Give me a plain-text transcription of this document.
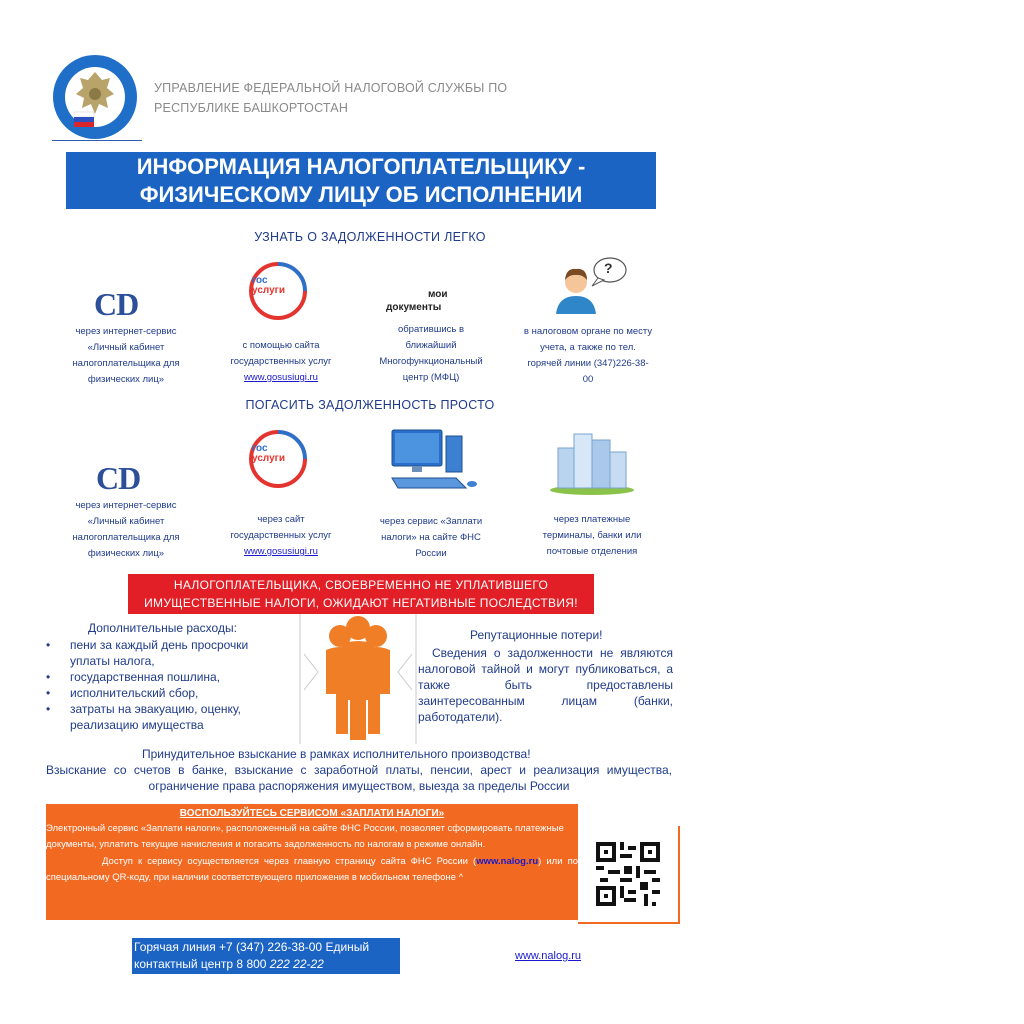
УПРАВЛЕНИЕ ФЕДЕРАЛЬНОЙ НАЛОГОВОЙ СЛУЖБЫ ПО
РЕСПУБЛИКЕ БАШКОРТОСТАН
ИНФОРМАЦИЯ НАЛОГОПЛАТЕЛЬЩИКУ -
ФИЗИЧЕСКОМУ ЛИЦУ ОБ ИСПОЛНЕНИИ
УЗНАТЬ О ЗАДОЛЖЕННОСТИ ЛЕГКО
CD
через интернет-сервис
«Личный кабинет
налогоплательщика для
физических лиц»
гос
услуги
с помощью сайта
государственных услуг
www.gosusiugi.ru
мои
документы
обратившись в
ближайший
Многофункциональный
центр (МФЦ)
?
в налоговом органе по месту
учета, а также по тел.
горячей линии (347)226-38-
00
ПОГАСИТЬ ЗАДОЛЖЕННОСТЬ ПРОСТО
CD
через интернет-сервис
«Личный кабинет
налогоплательщика для
физических лиц»
гос
услуги
через сайт
государственных услуг
www.gosusiugi.ru
через сервис «Заплати
налоги» на сайте ФНС
России
через платежные
терминалы, банки или
почтовые отделения
НАЛОГОПЛАТЕЛЬЩИКА, СВОЕВРЕМЕННО НЕ УПЛАТИВШЕГО
ИМУЩЕСТВЕННЫЕ НАЛОГИ, ОЖИДАЮТ НЕГАТИВНЫЕ ПОСЛЕДСТВИЯ!
Дополнительные расходы:
• пени за каждый день просрочки уплаты налога,
• государственная пошлина,
• исполнительский сбор,
• затраты на эвакуацию, оценку, реализацию имущества
Репутационные потери!
Сведения о задолженности не являются налоговой тайной и могут публиковаться, а также быть предоставлены заинтересованным лицам (банки, работодатели).
Принудительное взыскание в рамках исполнительного производства!
Взыскание со счетов в банке, взыскание с заработной платы, пенсии, арест и реализация имущества, ограничение права распоряжения имуществом, выезда за пределы России
ВОСПОЛЬЗУЙТЕСЬ СЕРВИСОМ «ЗАПЛАТИ НАЛОГИ»
Электронный сервис «Заплати налоги», расположенный на сайте ФНС России, позволяет сформировать платежные документы, уплатить текущие начисления и погасить задолженность по налогам в режиме онлайн.
Доступ к сервису осуществляется через главную страницу сайта ФНС России (www.nalog.ru) или по специальному QR-коду, при наличии соответствующего приложения в мобильном телефоне ^
Горячая линия +7 (347) 226-38-00 Единый
контактный центр 8 800 222 22-22
www.nalog.ru
